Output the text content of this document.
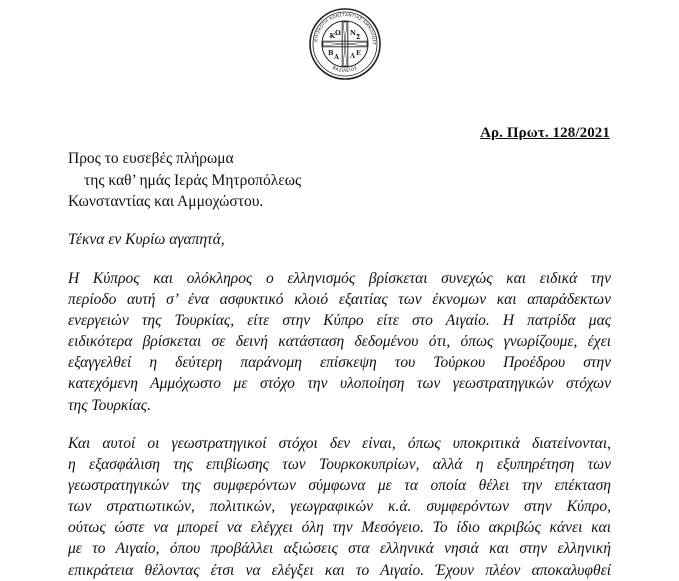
ΙΕΠΙΣΚΟΠΗ ΚΩΝΣΤΑΝΤΙΑΣ ΑΜΜΟΧΩΣΤ
ΒΑΣΙΛΕΙΟΣ
Κ Ω Ν Σ
Β Α Λ Ε
Αρ. Πρωτ. 128/2021
Προς το ευσεβές πλήρωμα
της καθ’ ημάς Ιεράς Μητροπόλεως
Κωνσταντίας και Αμμοχώστου.
Τέκνα εν Κυρίω αγαπητά,
Η Κύπρος και ολόκληρος ο ελληνισμός βρίσκεται συνεχώς και ειδικά την
περίοδο αυτή σ’ ένα ασφυκτικό κλοιό εξαιτίας των έκνομων και απαράδεκτων
ενεργειών της Τουρκίας, είτε στην Κύπρο είτε στο Αιγαίο. Η πατρίδα μας
ειδικότερα βρίσκεται σε δεινή κατάσταση δεδομένου ότι, όπως γνωρίζουμε, έχει
εξαγγελθεί η δεύτερη παράνομη επίσκεψη του Τούρκου Προέδρου στην
κατεχόμενη Αμμόχωστο με στόχο την υλοποίηση των γεωστρατηγικών στόχων
της Τουρκίας.
Και αυτοί οι γεωστρατηγικοί στόχοι δεν είναι, όπως υποκριτικά διατείνονται,
η εξασφάλιση της επιβίωσης των Τουρκοκυπρίων, αλλά η εξυπηρέτηση των
γεωστρατηγικών της συμφερόντων σύμφωνα με τα οποία θέλει την επέκταση
των στρατιωτικών, πολιτικών, γεωγραφικών κ.ά. συμφερόντων στην Κύπρο,
ούτως ώστε να μπορεί να ελέγχει όλη την Μεσόγειο. Το ίδιο ακριβώς κάνει και
με το Αιγαίο, όπου προβάλλει αξιώσεις στα ελληνικά νησιά και στην ελληνική
επικράτεια θέλοντας έτσι να ελέγξει και το Αιγαίο. Έχουν πλέον αποκαλυφθεί
